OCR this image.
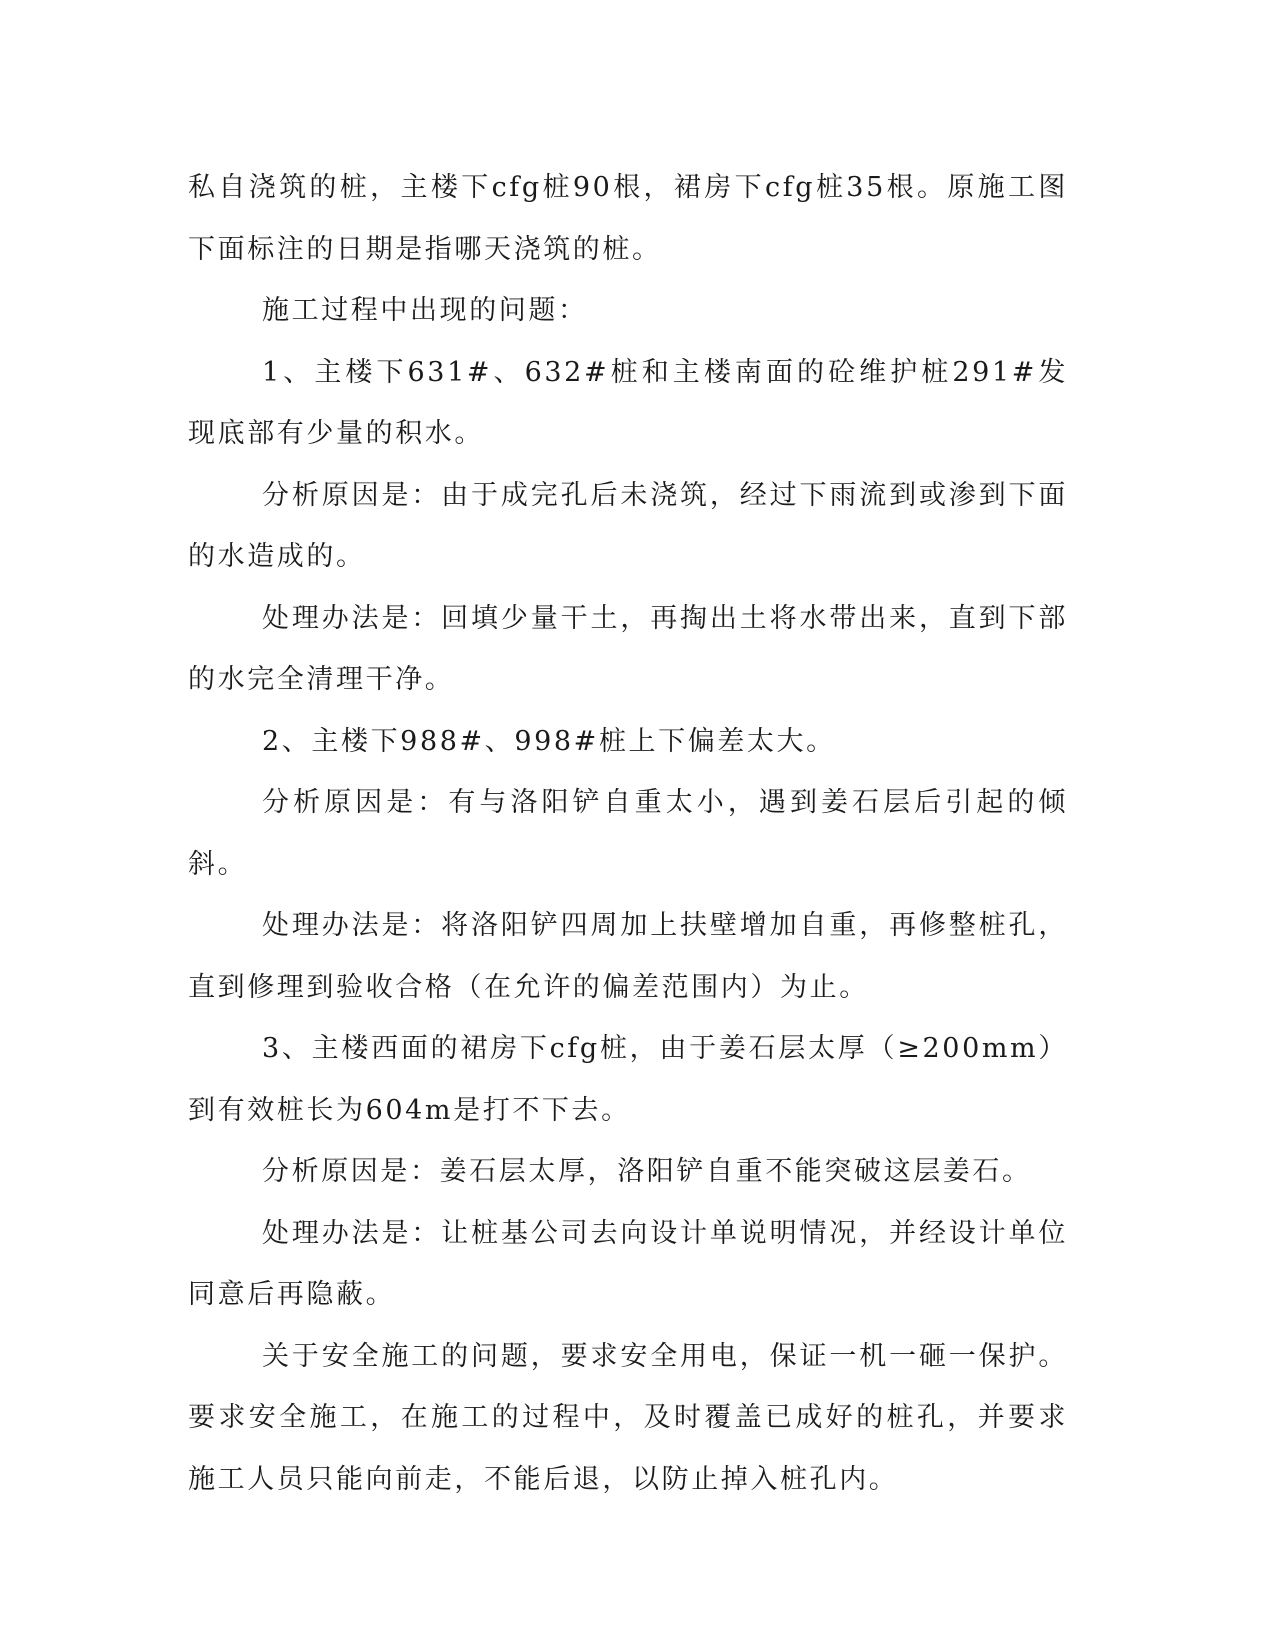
私自浇筑的桩，主楼下cfg桩90根，裙房下cfg桩35根。原施工图下面标注的日期是指哪天浇筑的桩。

施工过程中出现的问题：

1、主楼下631#、632#桩和主楼南面的砼维护桩291#发现底部有少量的积水。

分析原因是：由于成完孔后未浇筑，经过下雨流到或渗到下面的水造成的。

处理办法是：回填少量干土，再掏出土将水带出来，直到下部的水完全清理干净。

2、主楼下988#、998#桩上下偏差太大。

分析原因是：有与洛阳铲自重太小，遇到姜石层后引起的倾斜。

处理办法是：将洛阳铲四周加上扶壁增加自重，再修整桩孔，直到修理到验收合格（在允许的偏差范围内）为止。

3、主楼西面的裙房下cfg桩，由于姜石层太厚（≥200mm）到有效桩长为604m是打不下去。

分析原因是：姜石层太厚，洛阳铲自重不能突破这层姜石。

处理办法是：让桩基公司去向设计单说明情况，并经设计单位同意后再隐蔽。

关于安全施工的问题，要求安全用电，保证一机一砸一保护。要求安全施工，在施工的过程中，及时覆盖已成好的桩孔，并要求施工人员只能向前走，不能后退，以防止掉入桩孔内。
